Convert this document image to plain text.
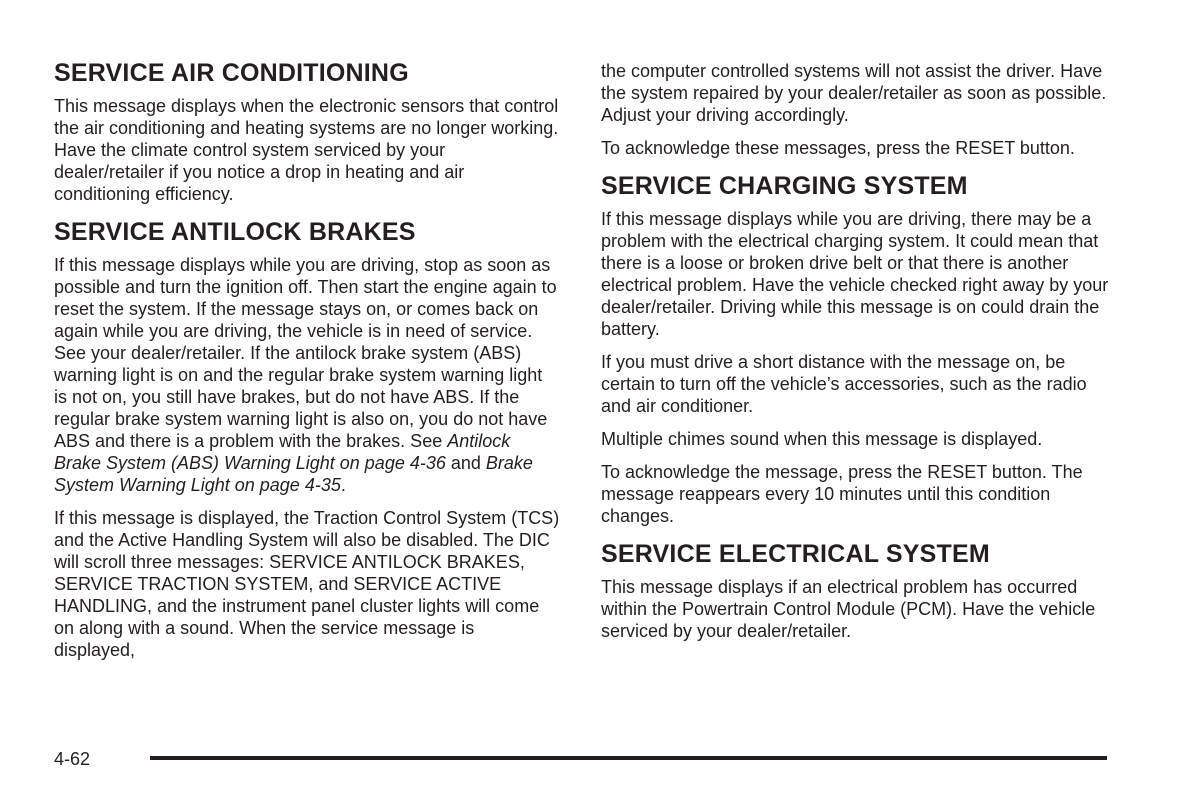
SERVICE AIR CONDITIONING

This message displays when the electronic sensors that control the air conditioning and heating systems are no longer working. Have the climate control system serviced by your dealer/retailer if you notice a drop in heating and air conditioning efficiency.

SERVICE ANTILOCK BRAKES

If this message displays while you are driving, stop as soon as possible and turn the ignition off. Then start the engine again to reset the system. If the message stays on, or comes back on again while you are driving, the vehicle is in need of service. See your dealer/retailer. If the antilock brake system (ABS) warning light is on and the regular brake system warning light is not on, you still have brakes, but do not have ABS. If the regular brake system warning light is also on, you do not have ABS and there is a problem with the brakes. See Antilock Brake System (ABS) Warning Light on page 4-36 and Brake System Warning Light on page 4-35.

If this message is displayed, the Traction Control System (TCS) and the Active Handling System will also be disabled. The DIC will scroll three messages: SERVICE ANTILOCK BRAKES, SERVICE TRACTION SYSTEM, and SERVICE ACTIVE HANDLING, and the instrument panel cluster lights will come on along with a sound. When the service message is displayed,

the computer controlled systems will not assist the driver. Have the system repaired by your dealer/retailer as soon as possible. Adjust your driving accordingly.

To acknowledge these messages, press the RESET button.

SERVICE CHARGING SYSTEM

If this message displays while you are driving, there may be a problem with the electrical charging system. It could mean that there is a loose or broken drive belt or that there is another electrical problem. Have the vehicle checked right away by your dealer/retailer. Driving while this message is on could drain the battery.

If you must drive a short distance with the message on, be certain to turn off the vehicle’s accessories, such as the radio and air conditioner.

Multiple chimes sound when this message is displayed.

To acknowledge the message, press the RESET button. The message reappears every 10 minutes until this condition changes.

SERVICE ELECTRICAL SYSTEM

This message displays if an electrical problem has occurred within the Powertrain Control Module (PCM). Have the vehicle serviced by your dealer/retailer.

4-62
